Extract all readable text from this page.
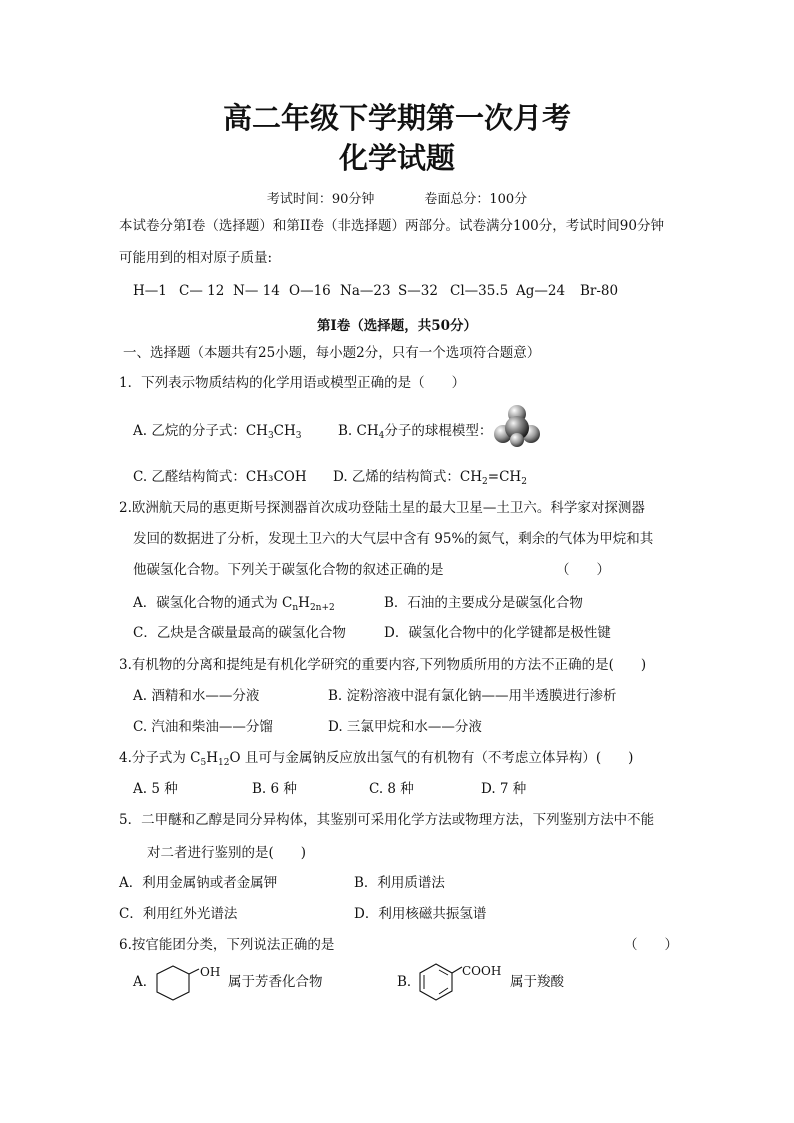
高二年级下学期第一次月考
化学试题
考试时间：90分钟	卷面总分：100分
本试卷分第I卷（选择题）和第II卷（非选择题）两部分。试卷满分100分，考试时间90分钟
可能用到的相对原子质量:
H—1 C— 12 N— 14 O—16 Na—23 S—32 Cl—35.5 Ag—24 Br-80
第I卷（选择题，共50分）
一、选择题（本题共有25小题，每小题2分，只有一个选项符合题意）
1．下列表示物质结构的化学用语或模型正确的是（　　）
A. 乙烷的分子式：$CH_3CH_3$	B. $CH_4$分子的球棍模型：
C. 乙醛结构简式：CH₃COH D. 乙烯的结构简式：$CH_2=CH_2$
2.欧洲航天局的惠更斯号探测器首次成功登陆土星的最大卫星—土卫六。科学家对探测器
发回的数据进了分析，发现土卫六的大气层中含有 95%的氮气，剩余的气体为甲烷和其
他碳氢化合物。下列关于碳氢化合物的叙述正确的是	（　　）
A．碳氢化合物的通式为 $C_nH_{2n+2}$	B．石油的主要成分是碳氢化合物
C．乙炔是含碳量最高的碳氢化合物	D．碳氢化合物中的化学键都是极性键
3.有机物的分离和提纯是有机化学研究的重要内容,下列物质所用的方法不正确的是(　　)
A. 酒精和水——分液	B. 淀粉溶液中混有氯化钠——用半透膜进行渗析
C. 汽油和柴油——分馏	D. 三氯甲烷和水——分液
4.分子式为 $C_5H_{12}O$ 且可与金属钠反应放出氢气的有机物有（不考虑立体异构）(　　)
A. 5 种	B. 6 种	C. 8 种	D. 7 种
5．二甲醚和乙醇是同分异构体，其鉴别可采用化学方法或物理方法，下列鉴别方法中不能
对二者进行鉴别的是(　　)
A．利用金属钠或者金属钾	B．利用质谱法
C．利用红外光谱法	D．利用核磁共振氢谱
6.按官能团分类，下列说法正确的是	（　　）
A．
OH
属于芳香化合物	B．
COOH
属于羧酸
